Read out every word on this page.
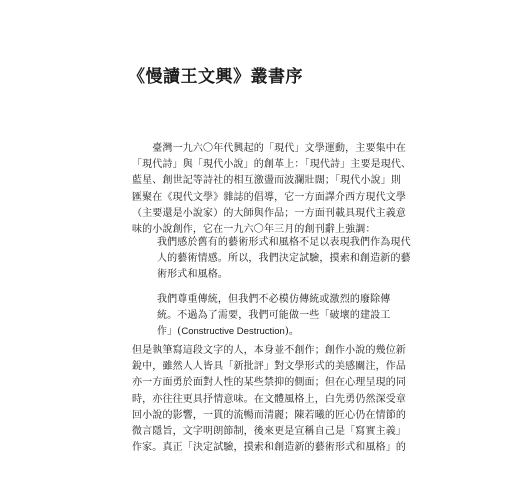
《慢讀王文興》叢書序
　　臺灣一九六〇年代興起的「現代」文學運動，主要集中在
「現代詩」與「現代小說」的創革上：「現代詩」主要是現代、
藍星、創世記等詩社的相互激盪而波瀾壯闊；「現代小說」則
匯聚在《現代文學》雜誌的倡導，它一方面譯介西方現代文學
（主要還是小說家）的大師與作品；一方面刊載具現代主義意
味的小說創作，它在一九六〇年三月的創刊辭上強調：
我們感於舊有的藝術形式和風格不足以表現我們作為現代
人的藝術情感。所以，我們決定試驗，摸索和創造新的藝
術形式和風格。
我們尊重傳統，但我們不必模仿傳統或激烈的廢除傳
統。不過為了需要，我們可能做一些「破壞的建設工
作」(Constructive Destruction)。
但是執筆寫這段文字的人，本身並不創作；創作小說的幾位新
銳中，雖然人人皆具「新批評」對文學形式的美感關注，作品
亦一方面勇於面對人性的某些禁抑的側面；但在心理呈現的同
時，亦往往更具抒情意味。在文體風格上，白先勇仍然深受章
回小說的影響，一貫的流暢而清麗；陳若曦的匠心仍在情節的
微言隱旨，文字明朗節制，後來更是宣稱自己是「寫實主義」
作家。真正「決定試驗，摸索和創造新的藝術形式和風格」的
